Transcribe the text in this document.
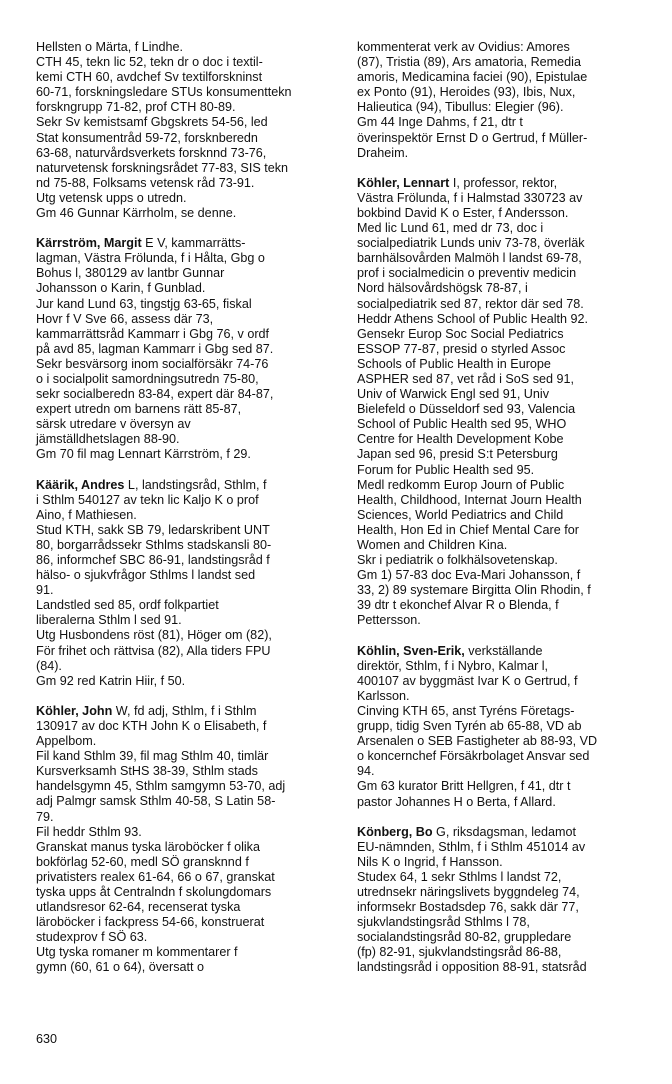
Hellsten o Märta, f Lindhe.
CTH 45, tekn lic 52, tekn dr o doc i textil-
kemi CTH 60, avdchef Sv textilforskninst
60-71, forskningsledare STUs konsumenttekn
forskngrupp 71-82, prof CTH 80-89.
Sekr Sv kemistsamf Gbgskrets 54-56, led
Stat konsumentråd 59-72, forsknberedn
63-68, naturvårdsverkets forsknnd 73-76,
naturvetensk forskningsrådet 77-83, SIS tekn
nd 75-88, Folksams vetensk råd 73-91.
Utg vetensk upps o utredn.
Gm 46 Gunnar Kärrholm, se denne.
Kärrström, Margit E V, kammarrätts-
lagman, Västra Frölunda, f i Hålta, Gbg o
Bohus l, 380129 av lantbr Gunnar
Johansson o Karin, f Gunblad.
Jur kand Lund 63, tingstjg 63-65, fiskal
Hovr f V Sve 66, assess där 73,
kammarrättsråd Kammarr i Gbg 76, v ordf
på avd 85, lagman Kammarr i Gbg sed 87.
Sekr besvärsorg inom socialförsäkr 74-76
o i socialpolit samordningsutredn 75-80,
sekr socialberedn 83-84, expert där 84-87,
expert utredn om barnens rätt 85-87,
särsk utredare v översyn av
jämställdhetslagen 88-90.
Gm 70 fil mag Lennart Kärrström, f 29.
Käärik, Andres L, landstingsråd, Sthlm, f
i Sthlm 540127 av tekn lic Kaljo K o prof
Aino, f Mathiesen.
Stud KTH, sakk SB 79, ledarskribent UNT
80, borgarrådssekr Sthlms stadskansli 80-
86, informchef SBC 86-91, landstingsråd f
hälso- o sjukvfrågor Sthlms l landst sed
91.
Landstled sed 85, ordf folkpartiet
liberalerna Sthlm l sed 91.
Utg Husbondens röst (81), Höger om (82),
För frihet och rättvisa (82), Alla tiders FPU
(84).
Gm 92 red Katrin Hiir, f 50.
Köhler, John W, fd adj, Sthlm, f i Sthlm
130917 av doc KTH John K o Elisabeth, f
Appelbom.
Fil kand Sthlm 39, fil mag Sthlm 40, timlär
Kursverksamh StHS 38-39, Sthlm stads
handelsgymn 45, Sthlm samgymn 53-70, adj
adj Palmgr samsk Sthlm 40-58, S Latin 58-
79.
Fil heddr Sthlm 93.
Granskat manus tyska läroböcker f olika
bokförlag 52-60, medl SÖ gransknnd f
privatisters realex 61-64, 66 o 67, granskat
tyska upps åt Centralndn f skolungdomars
utlandsresor 62-64, recenserat tyska
läroböcker i fackpress 54-66, konstruerat
studexprov f SÖ 63.
Utg tyska romaner m kommentarer f
gymn (60, 61 o 64), översatt o
kommenterat verk av Ovidius: Amores
(87), Tristia (89), Ars amatoria, Remedia
amoris, Medicamina faciei (90), Epistulae
ex Ponto (91), Heroides (93), Ibis, Nux,
Halieutica (94), Tibullus: Elegier (96).
Gm 44 Inge Dahms, f 21, dtr t
överinspektör Ernst D o Gertrud, f Müller-
Draheim.
Köhler, Lennart I, professor, rektor,
Västra Frölunda, f i Halmstad 330723 av
bokbind David K o Ester, f Andersson.
Med lic Lund 61, med dr 73, doc i
socialpediatrik Lunds univ 73-78, överläk
barnhälsovården Malmöh l landst 69-78,
prof i socialmedicin o preventiv medicin
Nord hälsovårdshögsk 78-87, i
socialpediatrik sed 87, rektor där sed 78.
Heddr Athens School of Public Health 92.
Gensekr Europ Soc Social Pediatrics
ESSOP 77-87, presid o styrled Assoc
Schools of Public Health in Europe
ASPHER sed 87, vet råd i SoS sed 91,
Univ of Warwick Engl sed 91, Univ
Bielefeld o Düsseldorf sed 93, Valencia
School of Public Health sed 95, WHO
Centre for Health Development Kobe
Japan sed 96, presid S:t Petersburg
Forum for Public Health sed 95.
Medl redkomm Europ Journ of Public
Health, Childhood, Internat Journ Health
Sciences, World Pediatrics and Child
Health, Hon Ed in Chief Mental Care for
Women and Children Kina.
Skr i pediatrik o folkhälsovetenskap.
Gm 1) 57-83 doc Eva-Mari Johansson, f
33, 2) 89 systemare Birgitta Olin Rhodin, f
39 dtr t ekonchef Alvar R o Blenda, f
Pettersson.
Köhlin, Sven-Erik, verkställande
direktör, Sthlm, f i Nybro, Kalmar l,
400107 av byggmäst Ivar K o Gertrud, f
Karlsson.
Cinving KTH 65, anst Tyréns Företags-
grupp, tidig Sven Tyrén ab 65-88, VD ab
Arsenalen o SEB Fastigheter ab 88-93, VD
o koncernchef Försäkrbolaget Ansvar sed
94.
Gm 63 kurator Britt Hellgren, f 41, dtr t
pastor Johannes H o Berta, f Allard.
Könberg, Bo G, riksdagsman, ledamot
EU-nämnden, Sthlm, f i Sthlm 451014 av
Nils K o Ingrid, f Hansson.
Studex 64, 1 sekr Sthlms l landst 72,
utrednsekr näringslivets byggndeleg 74,
informsekr Bostadsdep 76, sakk där 77,
sjukvlandstingsråd Sthlms l 78,
socialandstingsråd 80-82, gruppledare
(fp) 82-91, sjukvlandstingsråd 86-88,
landstingsråd i opposition 88-91, statsråd
630
